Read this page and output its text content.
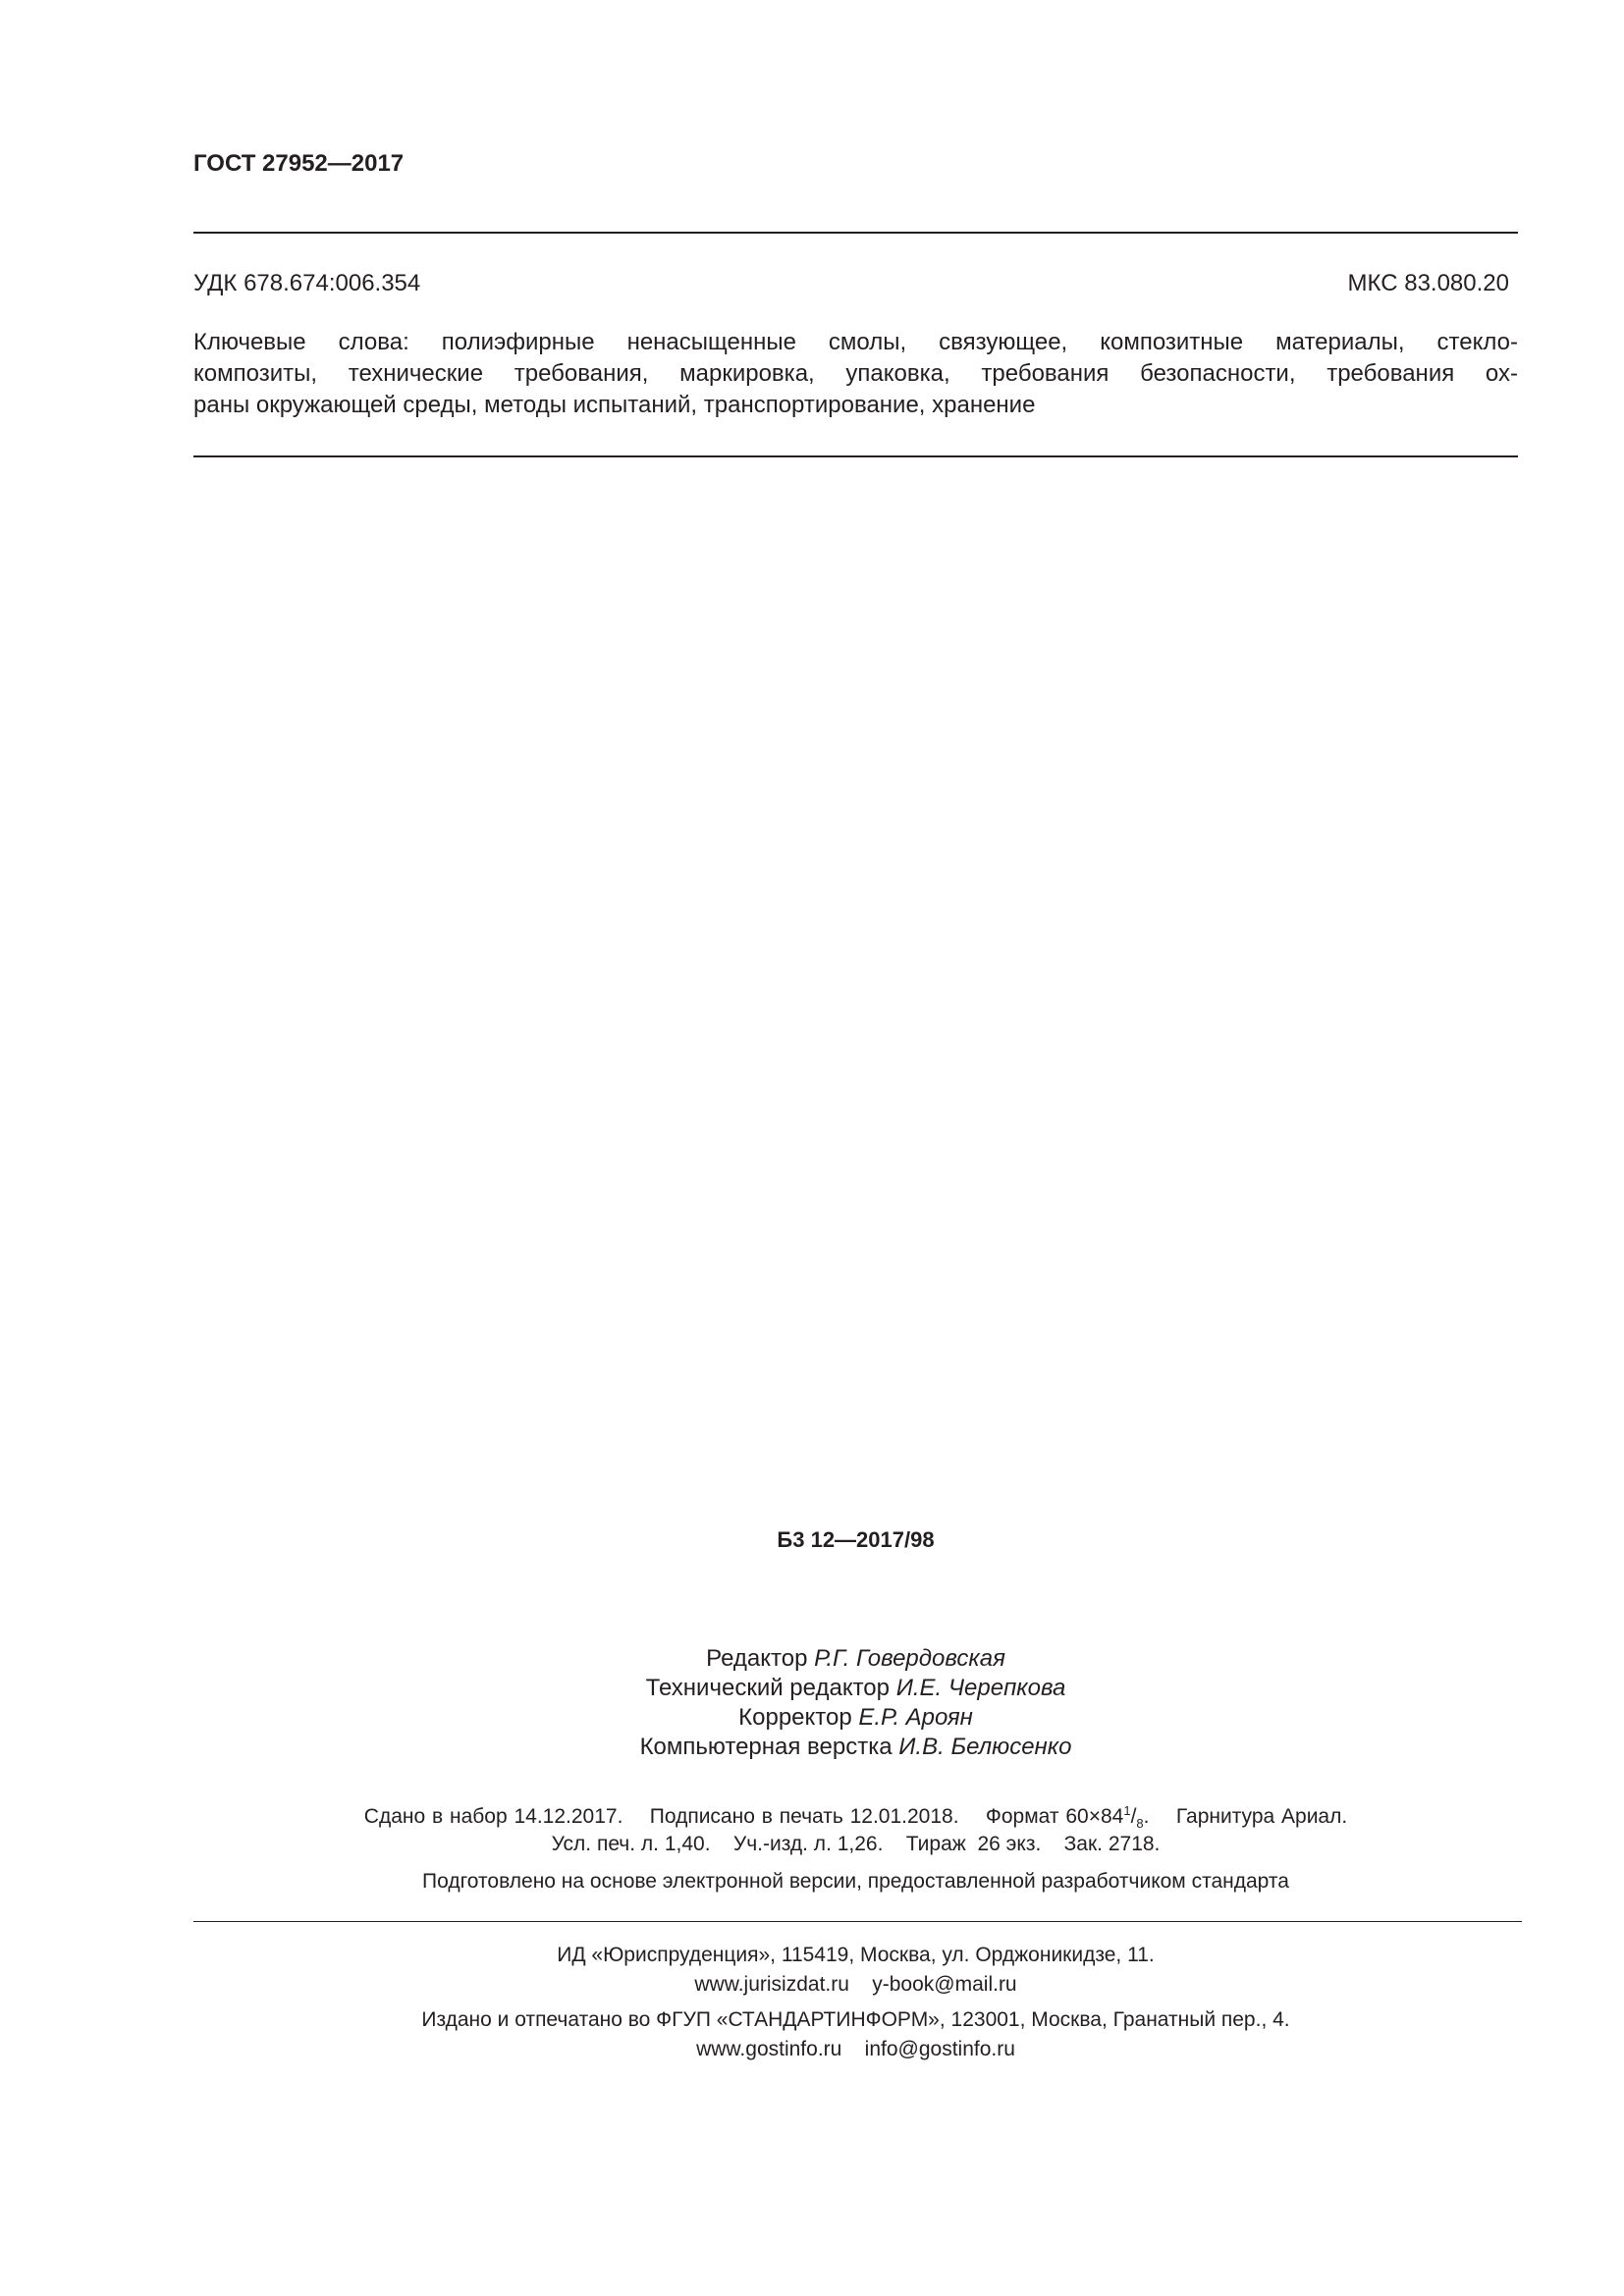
ГОСТ 27952—2017
УДК 678.674:006.354	МКС 83.080.20
Ключевые слова: полиэфирные ненасыщенные смолы, связующее, композитные материалы, стекло-
композиты, технические требования, маркировка, упаковка, требования безопасности, требования ох-
раны окружающей среды, методы испытаний, транспортирование, хранение
Б3 12—2017/98
Редактор Р.Г. Говердовская
Технический редактор И.Е. Черепкова
Корректор Е.Р. Ароян
Компьютерная верстка И.В. Белюсенко
Сдано в набор 14.12.2017. Подписано в печать 12.01.2018. Формат $60\times 84^1/_8$. Гарнитура Ариал.
Усл. печ. л. 1,40.    Уч.-изд. л. 1,26.    Тираж  26 экз.    Зак. 2718.
Подготовлено на основе электронной версии, предоставленной разработчиком стандарта
ИД «Юриспруденция», 115419, Москва, ул. Орджоникидзе, 11.
www.jurisizdat.ru    y-book@mail.ru
Издано и отпечатано во ФГУП «СТАНДАРТИНФОРМ», 123001, Москва, Гранатный пер., 4.
www.gostinfo.ru    info@gostinfo.ru
